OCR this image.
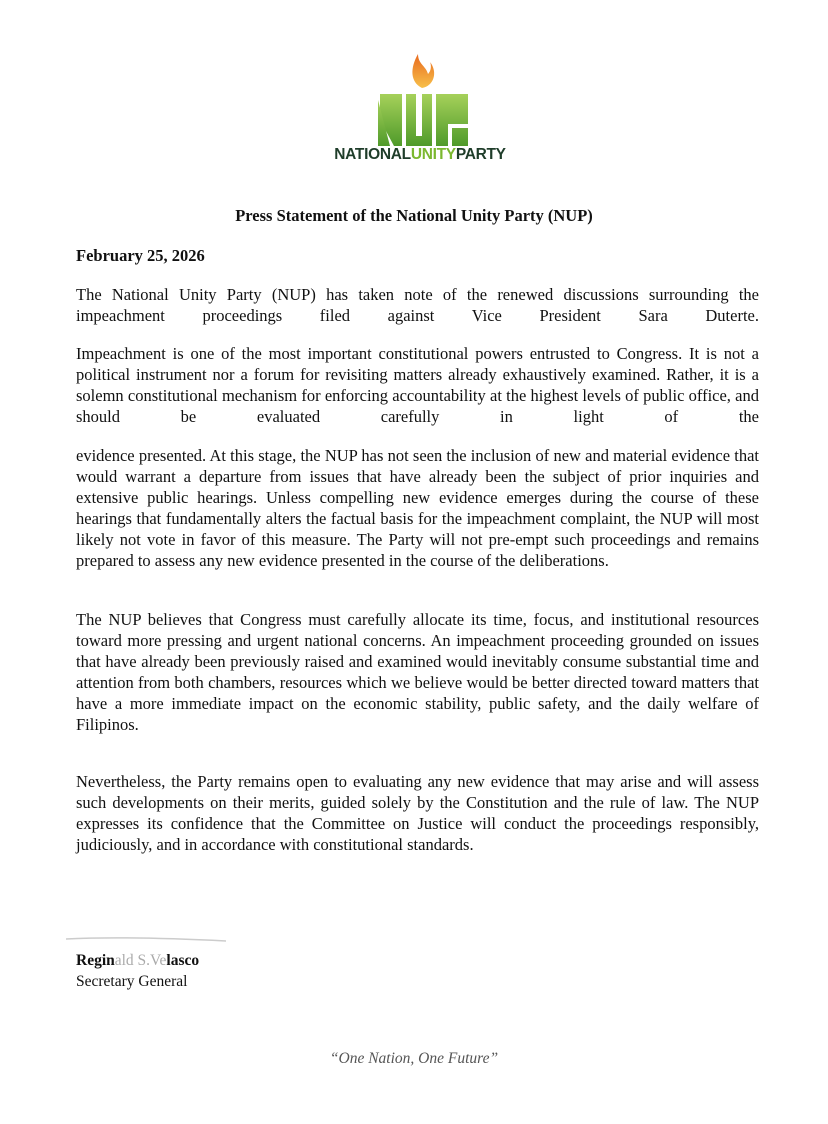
NATIONALUNITYPARTY
Press Statement of the National Unity Party (NUP)
February 25, 2026

The National Unity Party (NUP) has taken note of the renewed discussions surrounding the impeachment proceedings filed against Vice President Sara Duterte.

Impeachment is one of the most important constitutional powers entrusted to Congress. It is not a political instrument nor a forum for revisiting matters already exhaustively examined. Rather, it is a solemn constitutional mechanism for enforcing accountability at the highest levels of public office, and should be evaluated carefully in light of the

evidence presented. At this stage, the NUP has not seen the inclusion of new and material evidence that would warrant a departure from issues that have already been the subject of prior inquiries and extensive public hearings. Unless compelling new evidence emerges during the course of these hearings that fundamentally alters the factual basis for the impeachment complaint, the NUP will most likely not vote in favor of this measure. The Party will not pre-empt such proceedings and remains prepared to assess any new evidence presented in the course of the deliberations.

The NUP believes that Congress must carefully allocate its time, focus, and institutional resources toward more pressing and urgent national concerns. An impeachment proceeding grounded on issues that have already been previously raised and examined would inevitably consume substantial time and attention from both chambers, resources which we believe would be better directed toward matters that have a more immediate impact on the economic stability, public safety, and the daily welfare of Filipinos.

Nevertheless, the Party remains open to evaluating any new evidence that may arise and will assess such developments on their merits, guided solely by the Constitution and the rule of law. The NUP expresses its confidence that the Committee on Justice will conduct the proceedings responsibly, judiciously, and in accordance with constitutional standards.

Reginald S.Velasco
Secretary General
“One Nation, One Future”
